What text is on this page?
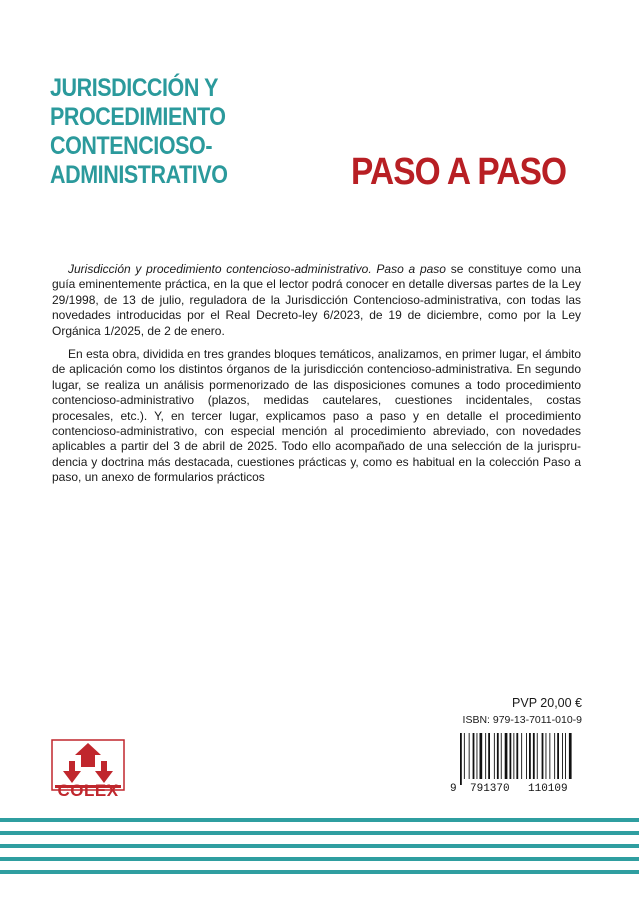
JURISDICCIÓN Y
PROCEDIMIENTO
CONTENCIOSO-
ADMINISTRATIVO	PASO A PASO

Jurisdicción y procedimiento contencioso-administrativo. Paso a paso se constituye como una guía eminentemente práctica, en la que el lector podrá conocer en detalle diversas partes de la Ley 29/1998, de 13 de julio, reguladora de la Jurisdicción Contencioso-administrativa, con todas las novedades introducidas por el Real Decreto-ley 6/2023, de 19 de diciembre, como por la Ley Orgánica 1/2025, de 2 de enero.

En esta obra, dividida en tres grandes bloques temáticos, analizamos, en primer lugar, el ámbito de aplicación como los distintos órganos de la jurisdicción contencioso-administrativa. En segundo lugar, se realiza un análisis pormenorizado de las disposiciones comunes a todo procedimiento contencioso-administrativo (plazos, medidas cautelares, cuestiones incidentales, costas procesales, etc.). Y, en tercer lugar, explicamos paso a paso y en detalle el procedimiento contencioso-administrativo, con especial mención al procedimiento abreviado, con novedades aplicables a partir del 3 de abril de 2025. Todo ello acompañado de una selección de la jurispru-dencia y doctrina más destacada, cuestiones prácticas y, como es habitual en la colección Paso a paso, un anexo de formularios prácticos

PVP 20,00 €
ISBN: 979-13-7011-010-9
9 791370 110109
COLEX
